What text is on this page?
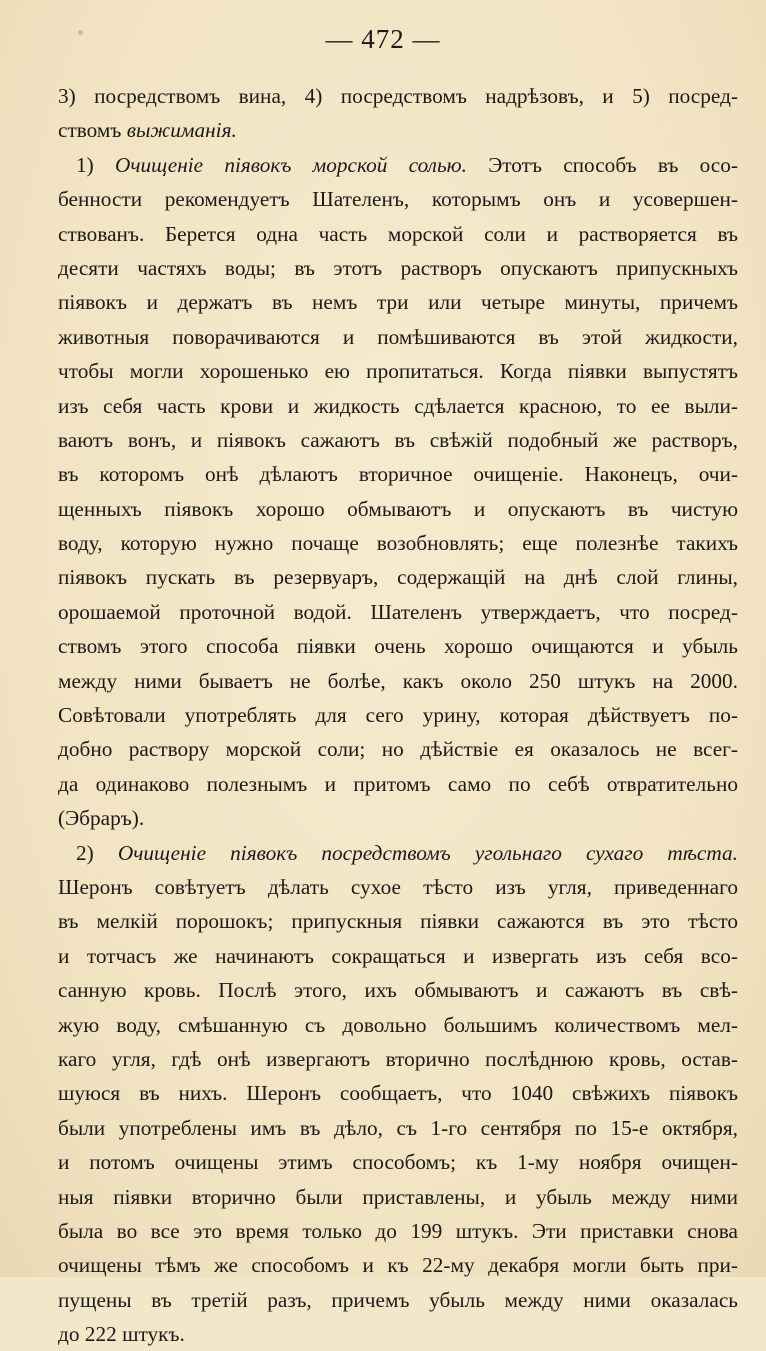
— 472 —
3) посредствомъ вина, 4) посредствомъ надрѣзовъ, и 5) посред-
ствомъ выжиманія.
1) Очищеніе піявокъ морской солью. Этотъ способъ въ осо-
бенности рекомендуетъ Шателенъ, которымъ онъ и усовершен-
ствованъ. Берется одна часть морской соли и растворяется въ
десяти частяхъ воды; въ этотъ растворъ опускаютъ припускныхъ
піявокъ и держатъ въ немъ три или четыре минуты, причемъ
животныя поворачиваются и помѣшиваются въ этой жидкости,
чтобы могли хорошенько ею пропитаться. Когда піявки выпустятъ
изъ себя часть крови и жидкость сдѣлается красною, то ее выли-
ваютъ вонъ, и піявокъ сажаютъ въ свѣжій подобный же растворъ,
въ которомъ онѣ дѣлаютъ вторичное очищеніе. Наконецъ, очи-
щенныхъ піявокъ хорошо обмываютъ и опускаютъ въ чистую
воду, которую нужно почаще возобновлять; еще полезнѣе такихъ
піявокъ пускать въ резервуаръ, содержащій на днѣ слой глины,
орошаемой проточной водой. Шателенъ утверждаетъ, что посред-
ствомъ этого способа піявки очень хорошо очищаются и убыль
между ними бываетъ не болѣе, какъ около 250 штукъ на 2000.
Совѣтовали употреблять для сего урину, которая дѣйствуетъ по-
добно раствору морской соли; но дѣйствіе ея оказалось не всег-
да одинаково полезнымъ и притомъ само по себѣ отвратительно
(Эбраръ).
2) Очищеніе піявокъ посредствомъ угольнаго сухаго тѣста.
Шеронъ совѣтуетъ дѣлать сухое тѣсто изъ угля, приведеннаго
въ мелкій порошокъ; припускныя піявки сажаются въ это тѣсто
и тотчасъ же начинаютъ сокращаться и извергать изъ себя вcо-
санную кровь. Послѣ этого, ихъ обмываютъ и сажаютъ въ свѣ-
жую воду, смѣшанную съ довольно большимъ количествомъ мел-
каго угля, гдѣ онѣ извергаютъ вторично послѣднюю кровь, остав-
шуюся въ нихъ. Шеронъ сообщаетъ, что 1040 свѣжихъ піявокъ
были употреблены имъ въ дѣло, съ 1-го сентября по 15-е октября,
и потомъ очищены этимъ способомъ; къ 1-му ноября очищен-
ныя піявки вторично были приставлены, и убыль между ними
была во все это время только до 199 штукъ. Эти приставки снова
очищены тѣмъ же способомъ и къ 22-му декабря могли быть при-
пущены въ третій разъ, причемъ убыль между ними оказалась
до 222 штукъ.
